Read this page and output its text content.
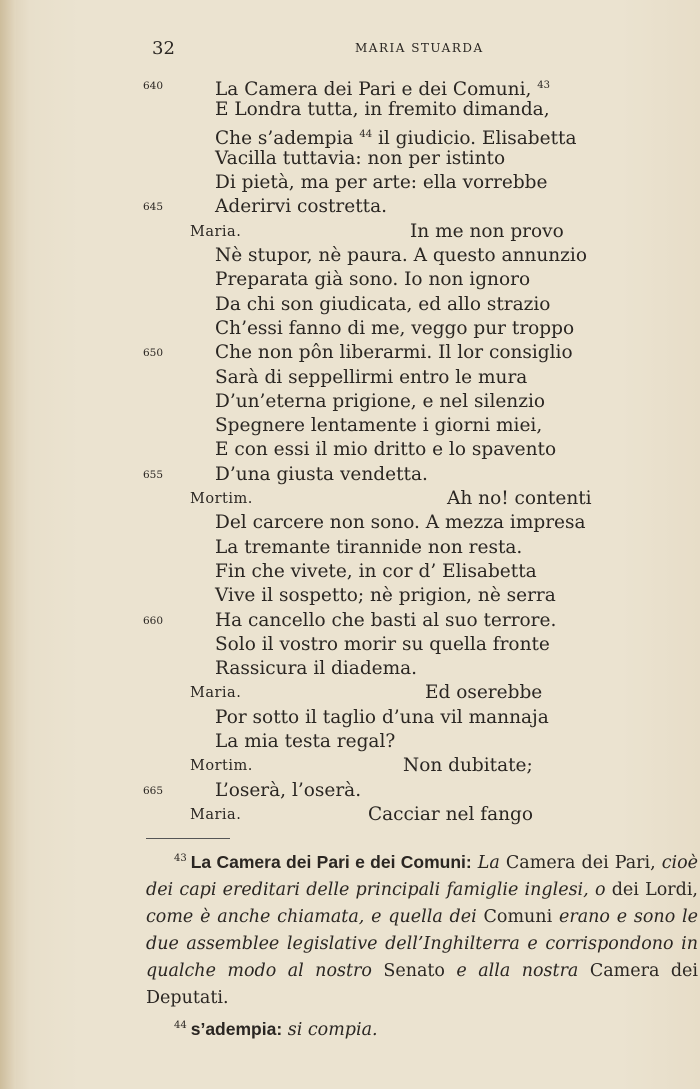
32	MARIA STUARDA
640	La Camera dei Pari e dei Comuni, $^{43}$
E Londra tutta, in fremito dimanda,
Che s’adempia $^{44}$ il giudicio. Elisabetta
Vacilla tuttavia: non per istinto
Di pietà, ma per arte: ella vorrebbe
645	Aderirvi costretta.
Maria.	In me non provo
Nè stupor, nè paura. A questo annunzio
Preparata già sono. Io non ignoro
Da chi son giudicata, ed allo strazio
Ch’essi fanno di me, veggo pur troppo
650	Che non pôn liberarmi. Il lor consiglio
Sarà di seppellirmi entro le mura
D’un’eterna prigione, e nel silenzio
Spegnere lentamente i giorni miei,
E con essi il mio dritto e lo spavento
655	D’una giusta vendetta.
Mortim.	Ah no! contenti
Del carcere non sono. A mezza impresa
La tremante tirannide non resta.
Fin che vivete, in cor d’ Elisabetta
Vive il sospetto; nè prigion, nè serra
660	Ha cancello che basti al suo terrore.
Solo il vostro morir su quella fronte
Rassicura il diadema.
Maria.	Ed oserebbe
Por sotto il taglio d’una vil mannaja
La mia testa regal?
Mortim.	Non dubitate;
665	L’oserà, l’oserà.
Maria.	Cacciar nel fango
$^{43}$ La Camera dei Pari e dei Comuni: La Camera dei Pari, cioè dei capi ereditari delle principali famiglie inglesi, o dei Lordi, come è anche chiamata, e quella dei Comuni erano e sono le due assemblee legislative dell’Inghilterra e corrispondono in qualche modo al nostro Senato e alla nostra Camera dei Deputati.
$^{44}$ s’adempia: si compia.
